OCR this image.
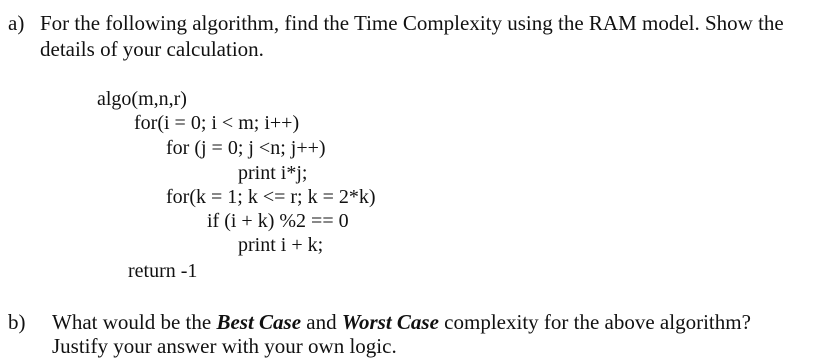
a) For the following algorithm, find the Time Complexity using the RAM model. Show the
details of your calculation.
algo(m,n,r)
for(i = 0; i < m; i++)
for (j = 0; j <n; j++)
print i*j;
for(k = 1; k <= r; k = 2*k)
if (i + k) %2 == 0
print i + k;
return -1
b) What would be the Best Case and Worst Case complexity for the above algorithm?
Justify your answer with your own logic.
